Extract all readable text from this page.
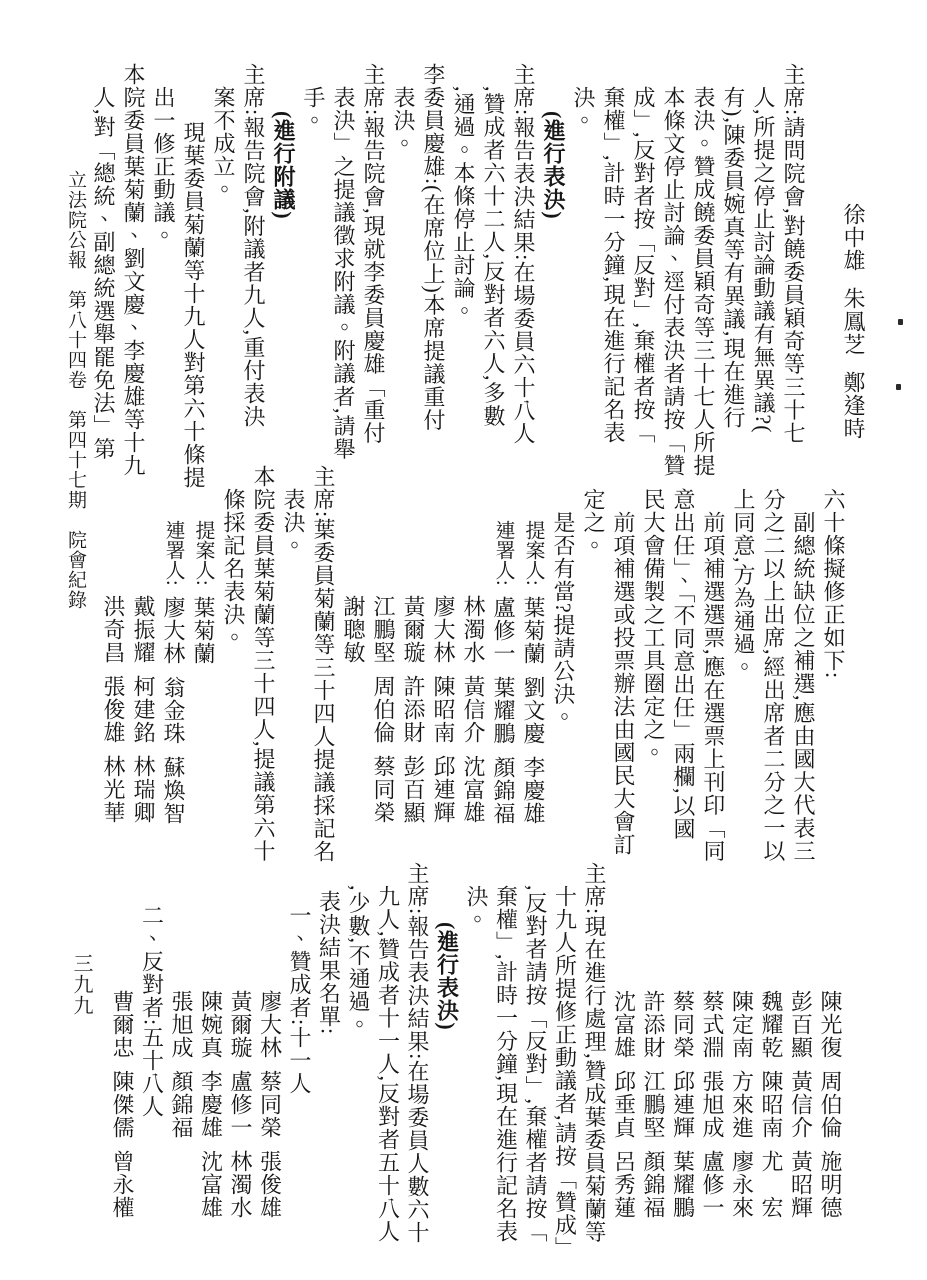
立法院公報　第八十四卷　第四十七期　院會紀錄	徐中雄朱鳳芝鄭逢時

主席:請問院會,對饒委員穎奇等三十七
人,所提之停止討論動議有無異議?(
有),陳委員婉真等有異議,現在進行
表決。贊成饒委員穎奇等三十七人所提
本條文停止討論、逕付表決者請按「贊
成」,反對者按「反對」,棄權者按「
棄權」,計時一分鐘,現在進行記名表
決。
(進行表決)
主席:報告表決結果:在場委員六十八人
,贊成者六十二人,反對者六人,多數
,通過。本條停止討論。
李委員慶雄:(在席位上)本席提議重付
表決。
主席:報告院會,現就李委員慶雄「重付
表決」之提議徵求附議。附議者,請舉
手。
(進行附議)
主席:報告院會,附議者九人,重付表決
案不成立。
現葉委員菊蘭等十九人對第六十條提
出一修正動議。
本院委員葉菊蘭、劉文慶、李慶雄等十九
人,對「總統、副總統選舉罷免法」第
六十條擬修正如下:
副總統缺位之補選,應由國大代表三
分之二以上出席,經出席者二分之一以
上同意,方為通過。
前項補選選票,應在選票上刊印「同
意出任」、「不同意出任」兩欄,以國
民大會備製之工具圈定之。
前項補選或投票辦法由國民大會訂
定之。
是否有當?提請公決。
提案人:葉菊蘭劉文慶李慶雄
連署人:盧修一葉耀鵬顏錦福
林濁水黃信介沈富雄
廖大林陳昭南邱連輝
黃爾璇許添財彭百顯
江鵬堅周伯倫蔡同榮
謝聰敏
主席:葉委員菊蘭等三十四人提議採記名
表決。
本院委員葉菊蘭等三十四人,提議第六十
條採記名表決。
提案人:葉菊蘭
連署人:廖大林翁金珠蘇煥智
戴振耀柯建銘林瑞卿
洪奇昌張俊雄林光華
陳光復周伯倫施明德
彭百顯黃信介黃昭輝
魏耀乾陳昭南尤　宏
陳定南方來進廖永來
蔡式淵張旭成盧修一
蔡同榮邱連輝葉耀鵬
許添財江鵬堅顏錦福
沈富雄邱垂貞呂秀蓮
主席:現在進行處理,贊成葉委員菊蘭等
十九人所提修正動議者,請按「贊成」
,反對者請按「反對」,棄權者請按「
棄權」,計時一分鐘,現在進行記名表
決。
(進行表決)
主席:報告表決結果:在場委員人數六十
九人,贊成者十一人,反對者五十八人
,少數,不通過。
表決結果名單:
一、贊成者:十一人
廖大林蔡同榮張俊雄
黃爾璇盧修一林濁水
陳婉真李慶雄沈富雄
張旭成顏錦福
二、反對者:五十八人
曹爾忠陳傑儒曾永權
三九九
